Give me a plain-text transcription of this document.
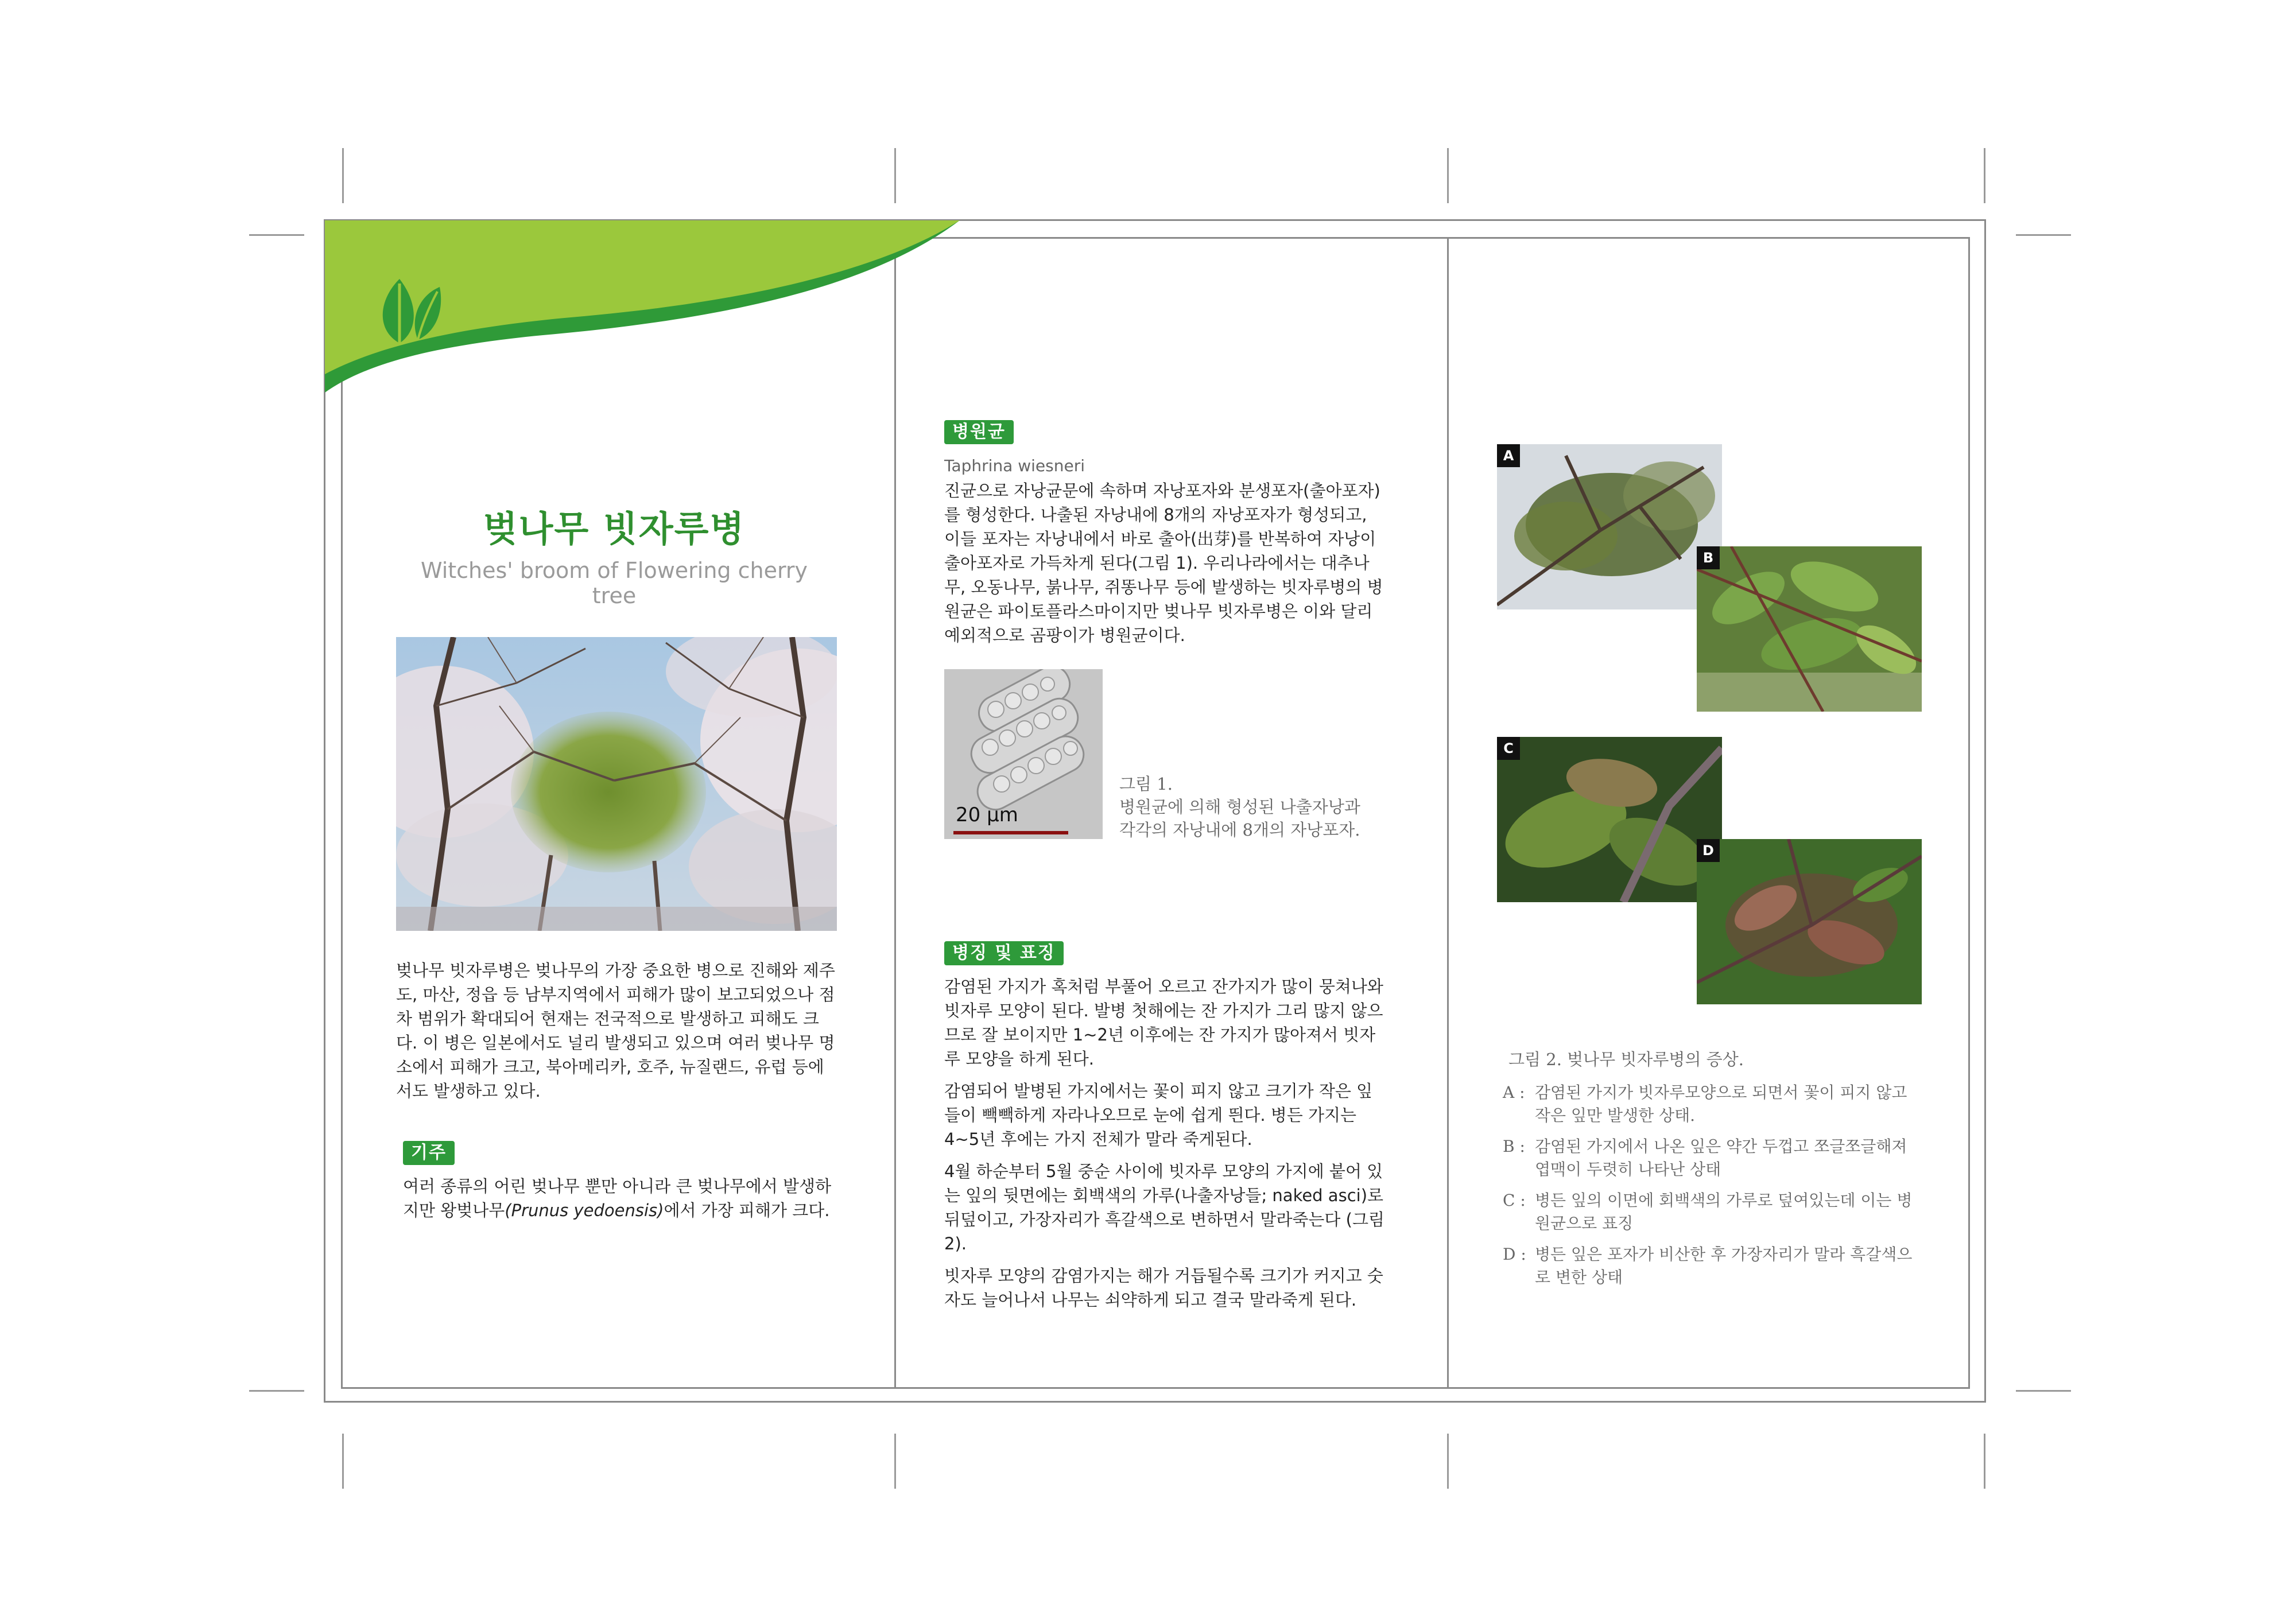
벚나무 빗자루병
Witches' broom of Flowering cherry tree
벚나무 빗자루병은 벚나무의 가장 중요한 병으로 진해와 제주도, 마산, 정읍 등 남부지역에서 피해가 많이 보고되었으나 점차 범위가 확대되어 현재는 전국적으로 발생하고 피해도 크다. 이 병은 일본에서도 널리 발생되고 있으며 여러 벚나무 명소에서 피해가 크고, 북아메리카, 호주, 뉴질랜드, 유럽 등에서도 발생하고 있다.
기주
여러 종류의 어린 벚나무 뿐만 아니라 큰 벚나무에서 발생하지만 왕벚나무(Prunus yedoensis)에서 가장 피해가 크다.
병원균
Taphrina wiesneri
진균으로 자낭균문에 속하며 자낭포자와 분생포자(출아포자)를 형성한다. 나출된 자낭내에 8개의 자낭포자가 형성되고, 이들 포자는 자낭내에서 바로 출아(出芽)를 반복하여 자낭이 출아포자로 가득차게 된다(그림 1). 우리나라에서는 대추나무, 오동나무, 붉나무, 쥐똥나무 등에 발생하는 빗자루병의 병원균은 파이토플라스마이지만 벚나무 빗자루병은 이와 달리 예외적으로 곰팡이가 병원균이다.
20 μm
그림 1.
병원균에 의해 형성된 나출자낭과
각각의 자낭내에 8개의 자낭포자.
병징 및 표징
감염된 가지가 혹처럼 부풀어 오르고 잔가지가 많이 뭉쳐나와 빗자루 모양이 된다. 발병 첫해에는 잔 가지가 그리 많지 않으므로 잘 보이지만 1~2년 이후에는 잔 가지가 많아져서 빗자루 모양을 하게 된다.
감염되어 발병된 가지에서는 꽃이 피지 않고 크기가 작은 잎들이 빽빽하게 자라나오므로 눈에 쉽게 띈다. 병든 가지는 4~5년 후에는 가지 전체가 말라 죽게된다.
4월 하순부터 5월 중순 사이에 빗자루 모양의 가지에 붙어 있는 잎의 뒷면에는 회백색의 가루(나출자낭들; naked asci)로 뒤덮이고, 가장자리가 흑갈색으로 변하면서 말라죽는다 (그림 2).
빗자루 모양의 감염가지는 해가 거듭될수록 크기가 커지고 숫자도 늘어나서 나무는 쇠약하게 되고 결국 말라죽게 된다.
A
B
C
D
그림 2. 벚나무 빗자루병의 증상.
A : 감염된 가지가 빗자루모양으로 되면서 꽃이 피지 않고 작은 잎만 발생한 상태.
B : 감염된 가지에서 나온 잎은 약간 두껍고 쪼글쪼글해져 엽맥이 두렷히 나타난 상태
C : 병든 잎의 이면에 회백색의 가루로 덮여있는데 이는 병원균으로 표징
D : 병든 잎은 포자가 비산한 후 가장자리가 말라 흑갈색으로 변한 상태
